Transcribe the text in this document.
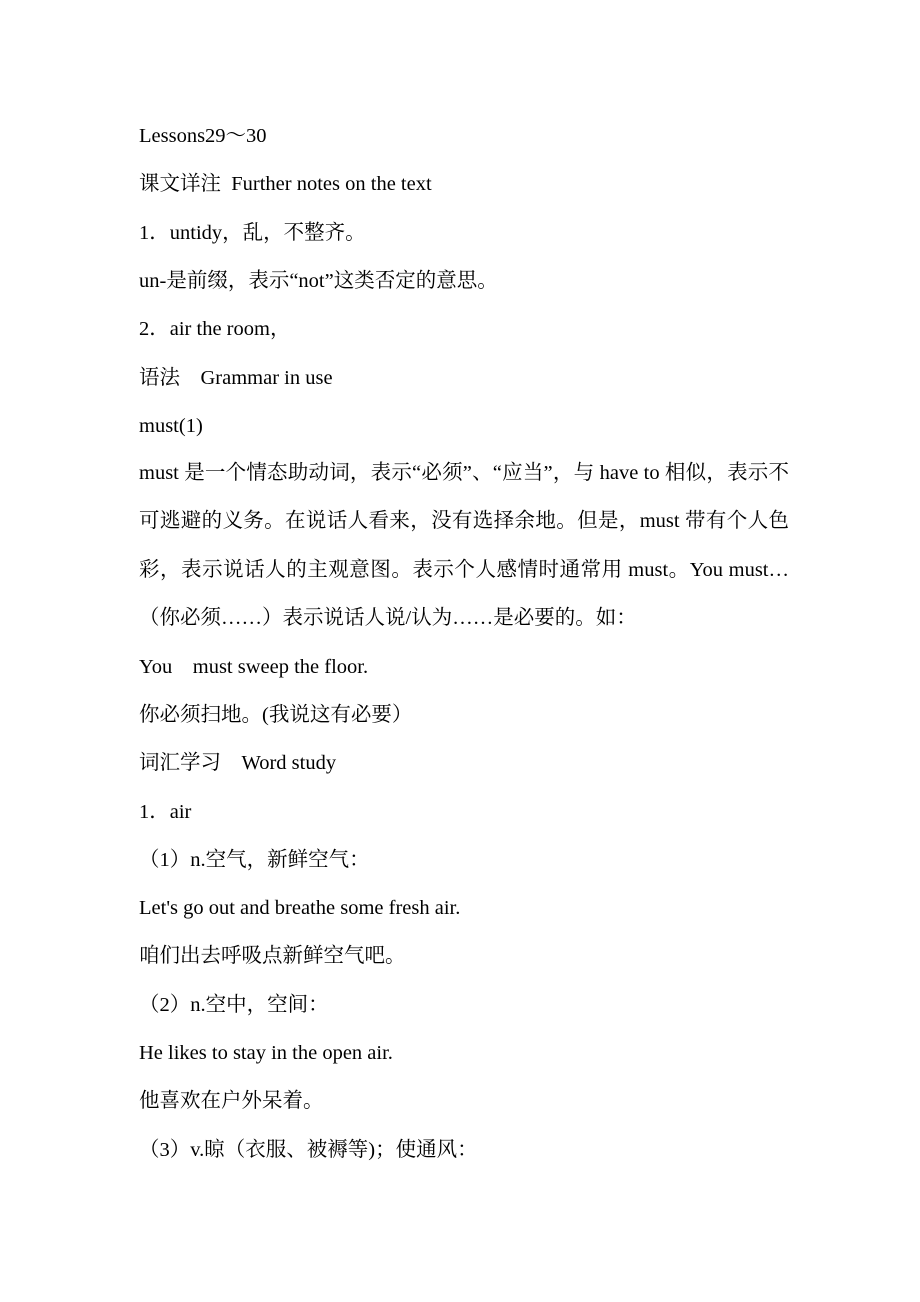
Lessons29～30

课文详注  Further notes on the text

1．untidy，乱，不整齐。

un-是前缀，表示“not”这类否定的意思。

2．air the room，

语法    Grammar in use

must(1)

must 是一个情态助动词，表示“必须”、“应当”，与 have to 相似，表示不可逃避的义务。在说话人看来，没有选择余地。但是，must 带有个人色彩，表示说话人的主观意图。表示个人感情时通常用 must。You must…（你必须……）表示说话人说/认为……是必要的。如：

You    must sweep the floor.

你必须扫地。(我说这有必要）

词汇学习    Word study

1．air

（1）n.空气，新鲜空气：

Let's go out and breathe some fresh air.

咱们出去呼吸点新鲜空气吧。

（2）n.空中，空间：

He likes to stay in the open air.

他喜欢在户外呆着。

（3）v.晾（衣服、被褥等)；使通风：
